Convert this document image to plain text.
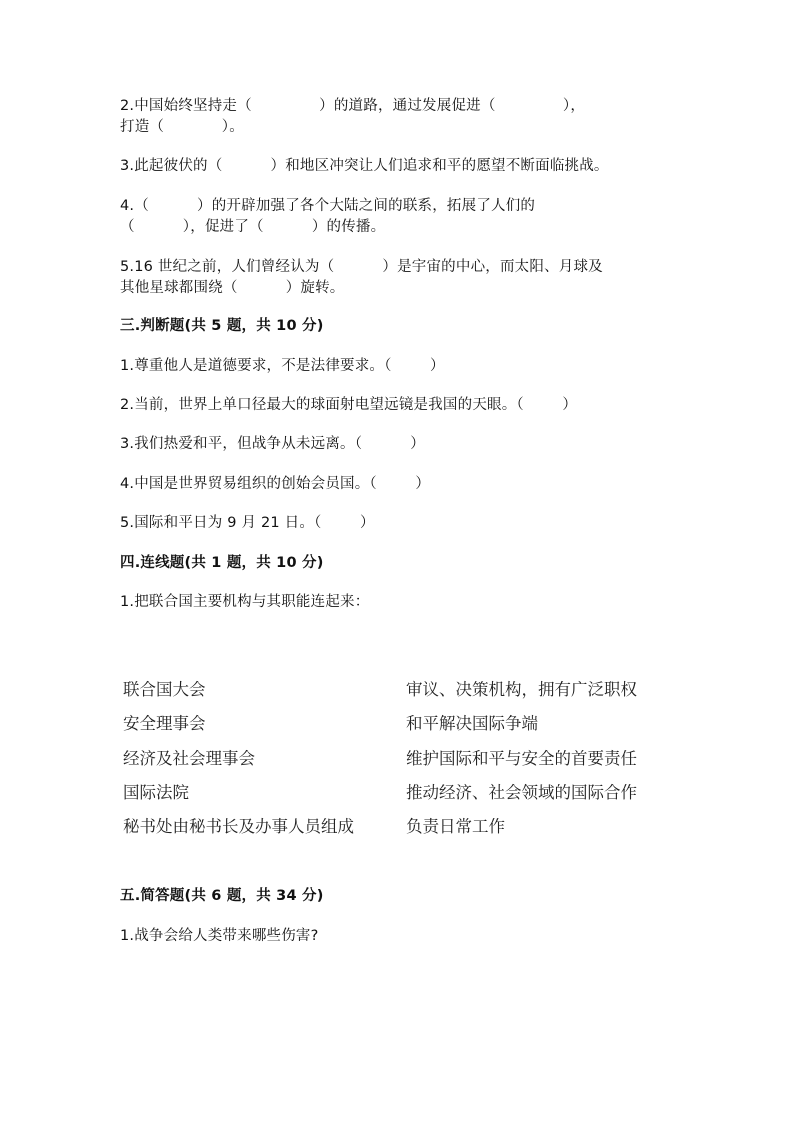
2.中国始终坚持走（              ）的道路，通过发展促进（              ），
打造（            ）。
3.此起彼伏的（          ）和地区冲突让人们追求和平的愿望不断面临挑战。
4.（          ）的开辟加强了各个大陆之间的联系，拓展了人们的
（          ），促进了（          ）的传播。
5.16 世纪之前，人们曾经认为（          ）是宇宙的中心，而太阳、月球及
其他星球都围绕（          ）旋转。
三.判断题(共 5 题，共 10 分)
1.尊重他人是道德要求，不是法律要求。（        ）
2.当前，世界上单口径最大的球面射电望远镜是我国的天眼。（        ）
3.我们热爱和平，但战争从未远离。（          ）
4.中国是世界贸易组织的创始会员国。（        ）
5.国际和平日为 9 月 21 日。（        ）
四.连线题(共 1 题，共 10 分)
1.把联合国主要机构与其职能连起来：
联合国大会
安全理事会
经济及社会理事会
国际法院
秘书处由秘书长及办事人员组成
审议、决策机构，拥有广泛职权
和平解决国际争端
维护国际和平与安全的首要责任
推动经济、社会领域的国际合作
负责日常工作
五.简答题(共 6 题，共 34 分)
1.战争会给人类带来哪些伤害?
